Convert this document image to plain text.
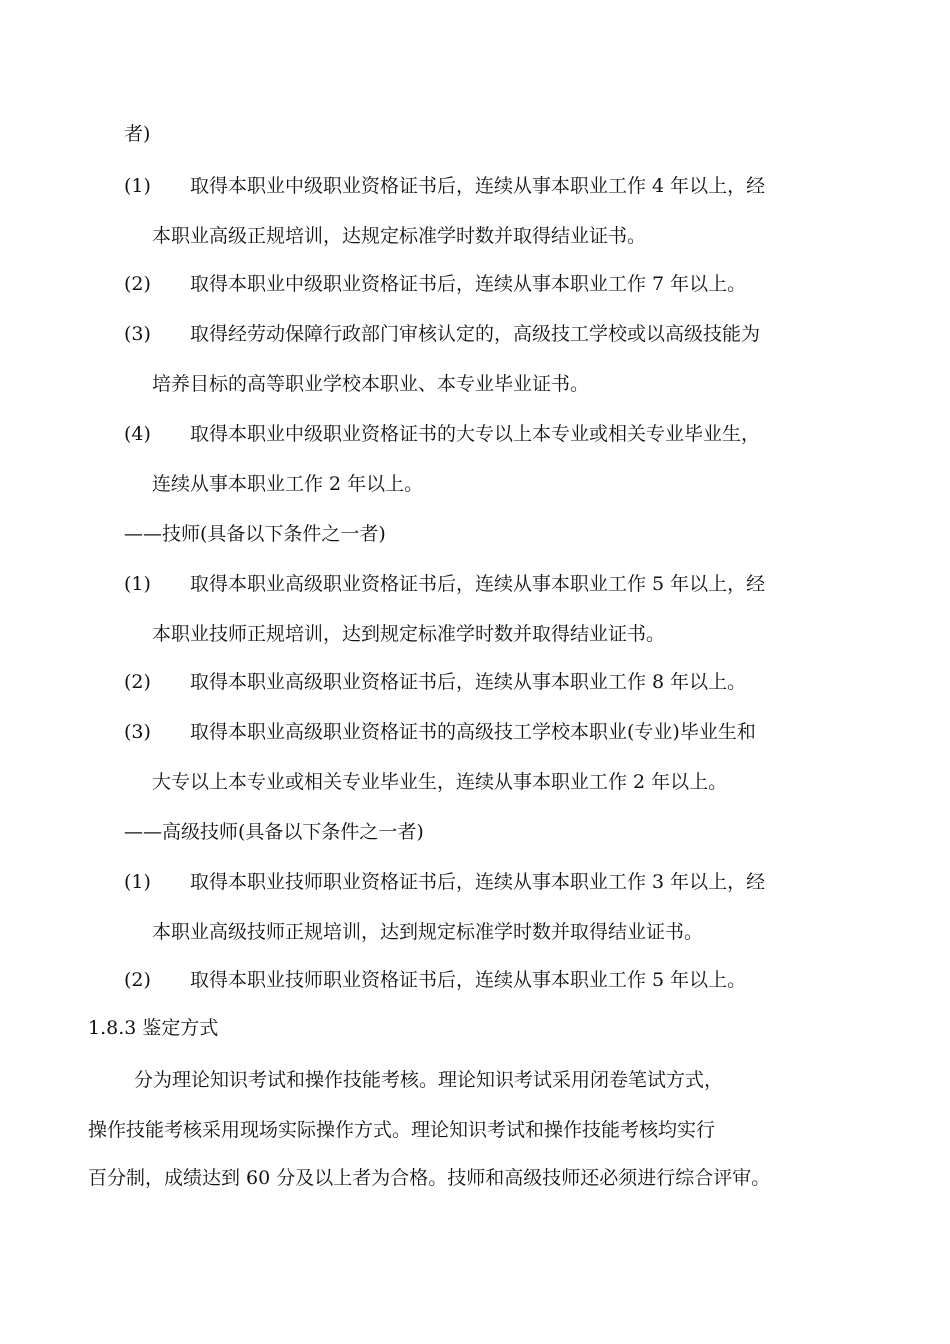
者)
(1) 取得本职业中级职业资格证书后，连续从事本职业工作 4 年以上，经
本职业高级正规培训，达规定标准学时数并取得结业证书。
(2) 取得本职业中级职业资格证书后，连续从事本职业工作 7 年以上。
(3) 取得经劳动保障行政部门审核认定的，高级技工学校或以高级技能为
培养目标的高等职业学校本职业、本专业毕业证书。
(4) 取得本职业中级职业资格证书的大专以上本专业或相关专业毕业生，
连续从事本职业工作 2 年以上。
——技师(具备以下条件之一者)
(1) 取得本职业高级职业资格证书后，连续从事本职业工作 5 年以上，经
本职业技师正规培训，达到规定标准学时数并取得结业证书。
(2) 取得本职业高级职业资格证书后，连续从事本职业工作 8 年以上。
(3) 取得本职业高级职业资格证书的高级技工学校本职业(专业)毕业生和
大专以上本专业或相关专业毕业生，连续从事本职业工作 2 年以上。
——高级技师(具备以下条件之一者)
(1) 取得本职业技师职业资格证书后，连续从事本职业工作 3 年以上，经
本职业高级技师正规培训，达到规定标准学时数并取得结业证书。
(2) 取得本职业技师职业资格证书后，连续从事本职业工作 5 年以上。
1.8.3 鉴定方式
分为理论知识考试和操作技能考核。理论知识考试采用闭卷笔试方式，
操作技能考核采用现场实际操作方式。理论知识考试和操作技能考核均实行
百分制，成绩达到 60 分及以上者为合格。技师和高级技师还必须进行综合评审。
